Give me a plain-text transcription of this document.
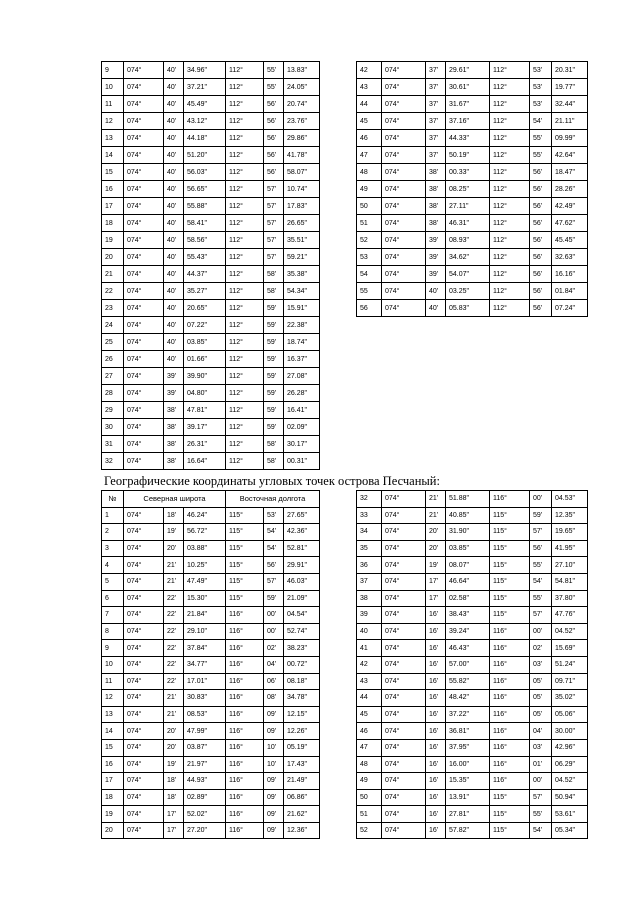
9	074°	40'	34.96"	112°	55'	13.83"
10	074°	40'	37.21"	112°	55'	24.05"
11	074°	40'	45.49"	112°	56'	20.74"
12	074°	40'	43.12"	112°	56'	23.76"
13	074°	40'	44.18"	112°	56'	29.86"
14	074°	40'	51.20"	112°	56'	41.78"
15	074°	40'	56.03"	112°	56'	58.07"
16	074°	40'	56.65"	112°	57'	10.74"
17	074°	40'	55.88"	112°	57'	17.83"
18	074°	40'	58.41"	112°	57'	26.65"
19	074°	40'	58.56"	112°	57'	35.51"
20	074°	40'	55.43"	112°	57'	59.21"
21	074°	40'	44.37"	112°	58'	35.38"
22	074°	40'	35.27"	112°	58'	54.34"
23	074°	40'	20.65"	112°	59'	15.91"
24	074°	40'	07.22"	112°	59'	22.38"
25	074°	40'	03.85"	112°	59'	18.74"
26	074°	40'	01.66"	112°	59'	16.37"
27	074°	39'	39.90"	112°	59'	27.08"
28	074°	39'	04.80"	112°	59'	26.28"
29	074°	38'	47.81"	112°	59'	16.41"
30	074°	38'	39.17"	112°	59'	02.09"
31	074°	38'	26.31"	112°	58'	30.17"
32	074°	38'	16.64"	112°	58'	00.31"
42	074°	37'	29.61"	112°	53'	20.31"
43	074°	37'	30.61"	112°	53'	19.77"
44	074°	37'	31.67"	112°	53'	32.44"
45	074°	37'	37.16"	112°	54'	21.11"
46	074°	37'	44.33"	112°	55'	09.99"
47	074°	37'	50.19"	112°	55'	42.64"
48	074°	38'	00.33"	112°	56'	18.47"
49	074°	38'	08.25"	112°	56'	28.26"
50	074°	38'	27.11"	112°	56'	42.49"
51	074°	38'	46.31"	112°	56'	47.62"
52	074°	39'	08.93"	112°	56'	45.45"
53	074°	39'	34.62"	112°	56'	32.63"
54	074°	39'	54.07"	112°	56'	16.16"
55	074°	40'	03.25"	112°	56'	01.84"
56	074°	40'	05.83"	112°	56'	07.24"
Географические координаты угловых точек острова Песчаный:
№	Северная широта			Восточная долгота		
1	074°	18'	46.24"	115°	53'	27.65"
2	074°	19'	56.72"	115°	54'	42.36"
3	074°	20'	03.88"	115°	54'	52.81"
4	074°	21'	10.25"	115°	56'	29.91"
5	074°	21'	47.49"	115°	57'	46.03"
6	074°	22'	15.30"	115°	59'	21.09"
7	074°	22'	21.84"	116°	00'	04.54"
8	074°	22'	29.10"	116°	00'	52.74"
9	074°	22'	37.84"	116°	02'	38.23"
10	074°	22'	34.77"	116°	04'	00.72"
11	074°	22'	17.01"	116°	06'	08.18"
12	074°	21'	30.83"	116°	08'	34.78"
13	074°	21'	08.53"	116°	09'	12.15"
14	074°	20'	47.99"	116°	09'	12.26"
15	074°	20'	03.87"	116°	10'	05.19"
16	074°	19'	21.97"	116°	10'	17.43"
17	074°	18'	44.93"	116°	09'	21.49"
18	074°	18'	02.89"	116°	09'	06.86"
19	074°	17'	52.02"	116°	09'	21.62"
20	074°	17'	27.20"	116°	09'	12.36"
32	074°	21'	51.88"	116°	00'	04.53"
33	074°	21'	40.85"	115°	59'	12.35"
34	074°	20'	31.90"	115°	57'	19.65"
35	074°	20'	03.85"	115°	56'	41.95"
36	074°	19'	08.07"	115°	55'	27.10"
37	074°	17'	46.64"	115°	54'	54.81"
38	074°	17'	02.58"	115°	55'	37.80"
39	074°	16'	38.43"	115°	57'	47.76"
40	074°	16'	39.24"	116°	00'	04.52"
41	074°	16'	46.43"	116°	02'	15.69"
42	074°	16'	57.00"	116°	03'	51.24"
43	074°	16'	55.82"	116°	05'	09.71"
44	074°	16'	48.42"	116°	05'	35.02"
45	074°	16'	37.22"	116°	05'	05.06"
46	074°	16'	36.81"	116°	04'	30.00"
47	074°	16'	37.95"	116°	03'	42.96"
48	074°	16'	16.00"	116°	01'	06.29"
49	074°	16'	15.35"	116°	00'	04.52"
50	074°	16'	13.91"	115°	57'	50.94"
51	074°	16'	27.81"	115°	55'	53.61"
52	074°	16'	57.82"	115°	54'	05.34"
